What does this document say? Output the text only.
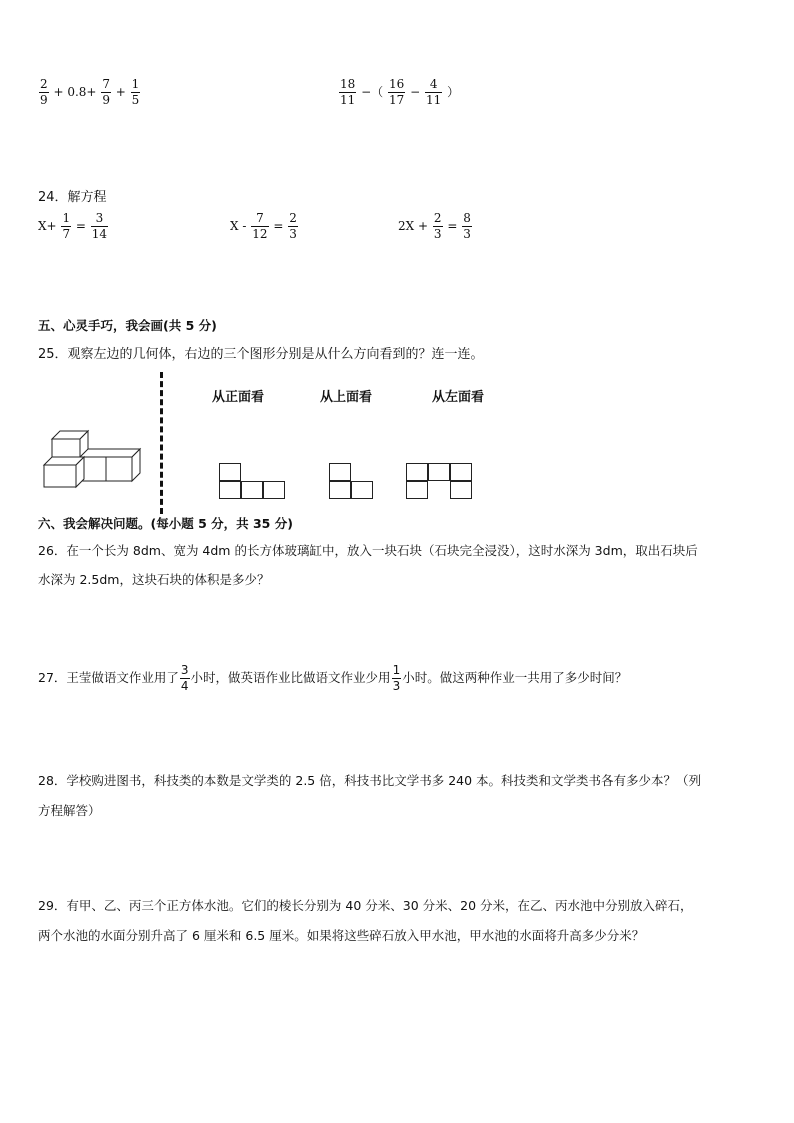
$\frac{2}{9} + 0.8+ \frac{7}{9} + \frac{1}{5}$	$\frac{18}{11}$ −（ $\frac{16}{17} - \frac{4}{11}$ ）
24．解方程
$X+ \frac{1}{7} = \frac{3}{14}$	$X - \frac{7}{12} = \frac{2}{3}$	$2X + \frac{2}{3} = \frac{8}{3}$
五、心灵手巧，我会画(共 5 分)
25．观察左边的几何体，右边的三个图形分别是从什么方向看到的？连一连。
从正面看	从上面看	从左面看
六、我会解决问题。(每小题 5 分，共 35 分)
26．在一个长为 8dm、宽为 4dm 的长方体玻璃缸中，放入一块石块（石块完全浸没），这时水深为 3dm，取出石块后
水深为 2.5dm，这块石块的体积是多少？
27．王莹做语文作业用了 $\frac{3}{4}$ 小时，做英语作业比做语文作业少用 $\frac{1}{3}$ 小时。做这两种作业一共用了多少时间？
28．学校购进图书，科技类的本数是文学类的 2.5 倍，科技书比文学书多 240 本。科技类和文学类书各有多少本？（列
方程解答）
29．有甲、乙、丙三个正方体水池。它们的棱长分别为 40 分米、30 分米、20 分米，在乙、丙水池中分别放入碎石，
两个水池的水面分别升高了 6 厘米和 6.5 厘米。如果将这些碎石放入甲水池，甲水池的水面将升高多少分米？
